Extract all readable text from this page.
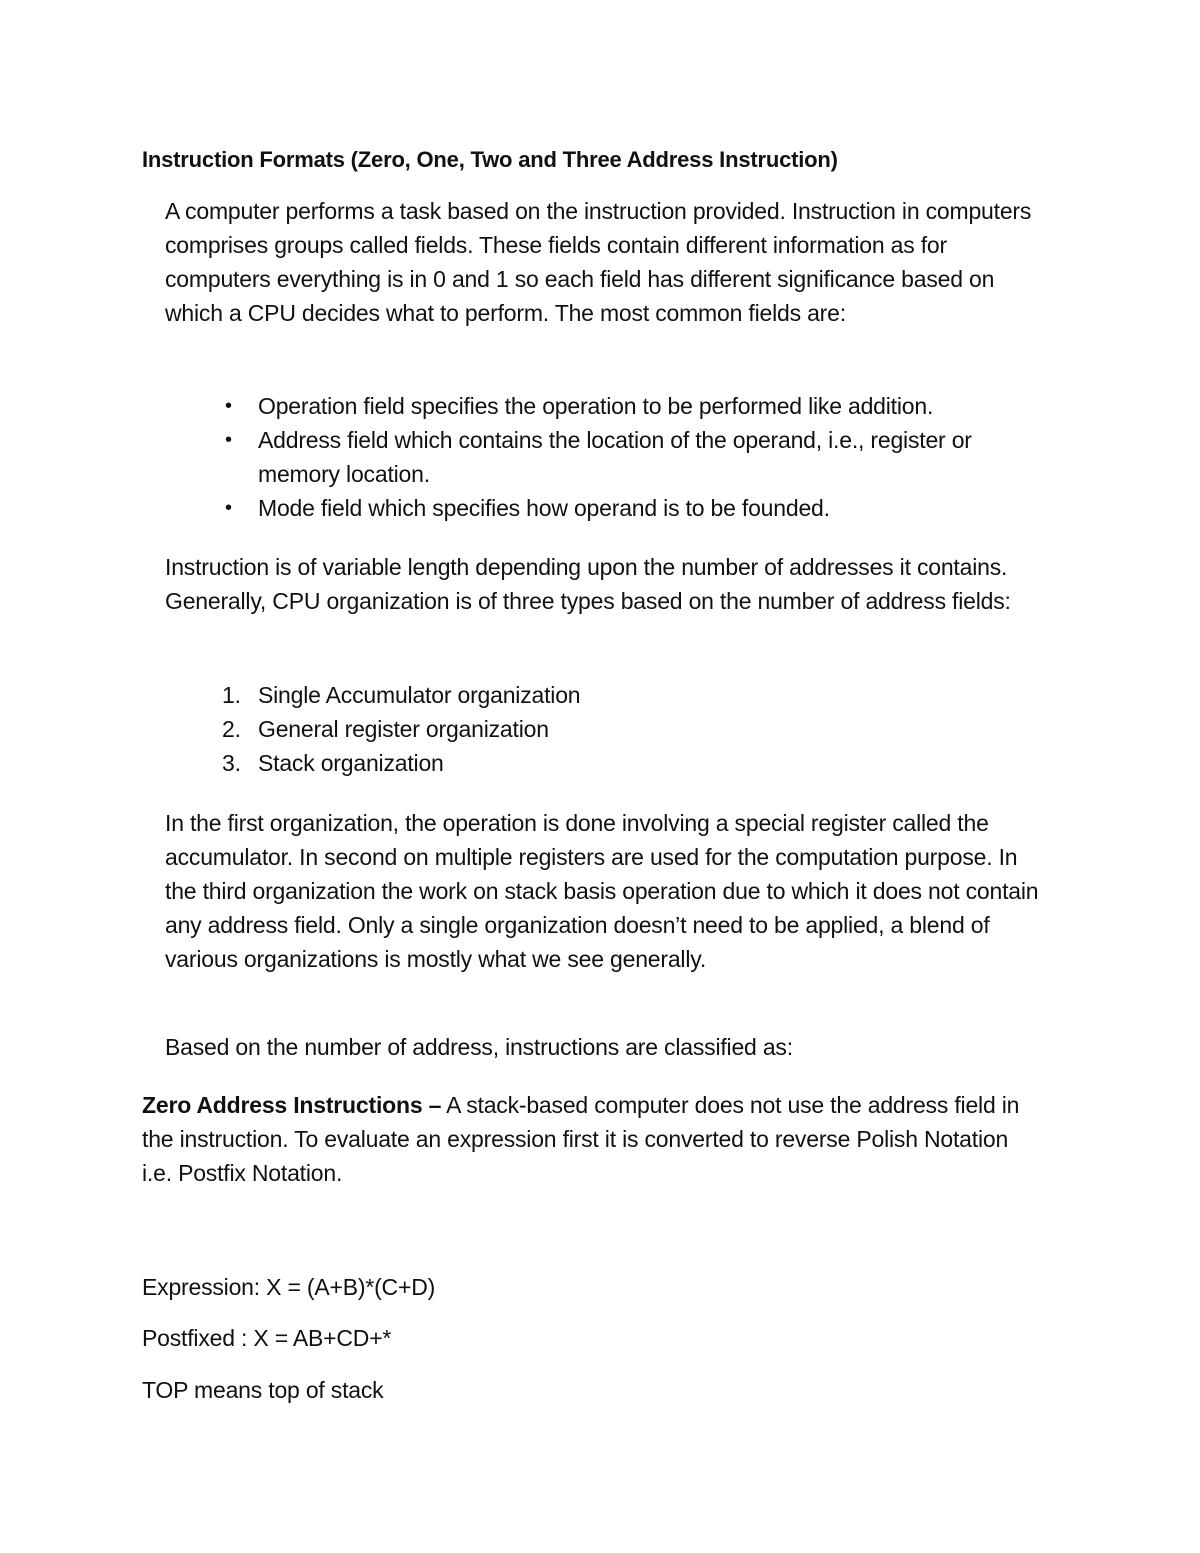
Instruction Formats (Zero, One, Two and Three Address Instruction)

A computer performs a task based on the instruction provided. Instruction in computers comprises groups called fields. These fields contain different information as for computers everything is in 0 and 1 so each field has different significance based on which a CPU decides what to perform. The most common fields are:

• Operation field specifies the operation to be performed like addition.
• Address field which contains the location of the operand, i.e., register or memory location.
• Mode field which specifies how operand is to be founded.

Instruction is of variable length depending upon the number of addresses it contains. Generally, CPU organization is of three types based on the number of address fields:

1. Single Accumulator organization
2. General register organization
3. Stack organization

In the first organization, the operation is done involving a special register called the accumulator. In second on multiple registers are used for the computation purpose. In the third organization the work on stack basis operation due to which it does not contain any address field. Only a single organization doesn’t need to be applied, a blend of various organizations is mostly what we see generally.

Based on the number of address, instructions are classified as:

Zero Address Instructions – A stack-based computer does not use the address field in the instruction. To evaluate an expression first it is converted to reverse Polish Notation i.e. Postfix Notation.

Expression: X = (A+B)*(C+D)

Postfixed : X = AB+CD+*

TOP means top of stack
